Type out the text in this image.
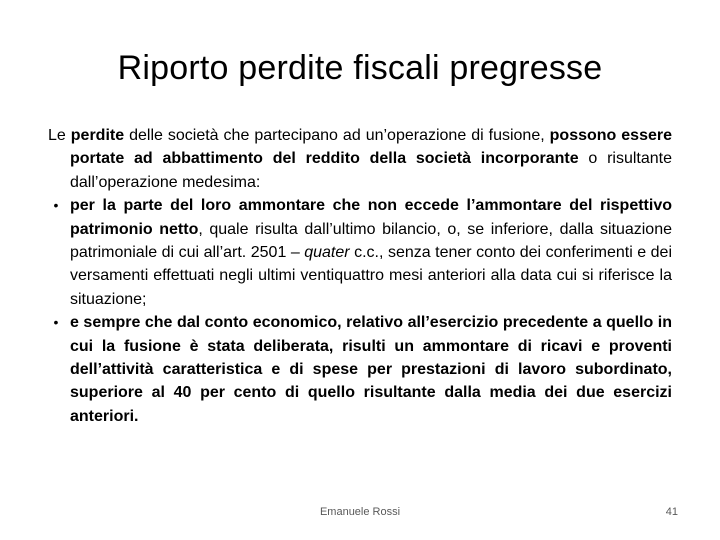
Riporto perdite fiscali pregresse

Le perdite delle società che partecipano ad un’operazione di fusione, possono essere portate ad abbattimento del reddito della società incorporante o risultante dall’operazione medesima:

• per la parte del loro ammontare che non eccede l’ammontare del rispettivo patrimonio netto, quale risulta dall’ultimo bilancio, o, se inferiore, dalla situazione patrimoniale di cui all’art. 2501 – quater c.c., senza tener conto dei conferimenti e dei versamenti effettuati negli ultimi ventiquattro mesi anteriori alla data cui si riferisce la situazione;
• e sempre che dal conto economico, relativo all’esercizio precedente a quello in cui la fusione è stata deliberata, risulti un ammontare di ricavi e proventi dell’attività caratteristica e di spese per prestazioni di lavoro subordinato, superiore al 40 per cento di quello risultante dalla media dei due esercizi anteriori.
Emanuele Rossi	41
